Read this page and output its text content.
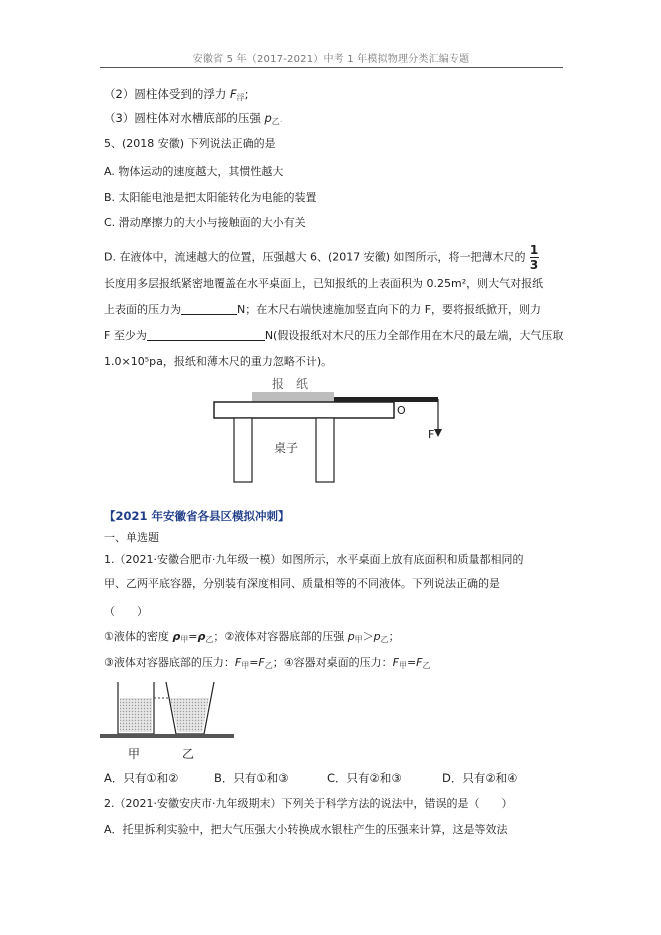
安徽省 5 年（2017-2021）中考 1 年模拟物理分类汇编专题
（2）圆柱体受到的浮力 $F_浮$;
（3）圆柱体对水槽底部的压强 $p_乙$.
5、(2018 安徽) 下列说法正确的是
A. 物体运动的速度越大，其惯性越大
B. 太阳能电池是把太阳能转化为电能的装置
C. 滑动摩擦力的大小与接触面的大小有关
D. 在液体中，流速越大的位置，压强越大 6、(2017 安徽) 如图所示，将一把薄木尺的 $\frac{1}{3}$
长度用多层报纸紧密地覆盖在水平桌面上，已知报纸的上表面积为 0.25m²，则大气对报纸
上表面的压力为	N；在木尺右端快速施加竖直向下的力 F，要将报纸掀开，则力
F 至少为	N(假设报纸对木尺的压力全部作用在木尺的最左端，大气压取
1.0×10⁵pa，报纸和薄木尺的重力忽略不计)。
报　纸
O
F
桌子
【2021 年安徽省各县区模拟冲刺】
一、单选题
1.（2021·安徽合肥市·九年级一模）如图所示，水平桌面上放有底面积和质量都相同的
甲、乙两平底容器，分别装有深度相同、质量相等的不同液体。下列说法正确的是
（　　）
①液体的密度 $\rho_甲=\rho_乙$；②液体对容器底部的压强 $p_甲>p_乙$；
③液体对容器底部的压力：$F_甲=F_乙$；④容器对桌面的压力：$F_甲=F_乙$
甲	乙
A．只有①和②	B．只有①和③	C．只有②和③	D．只有②和④
2.（2021·安徽安庆市·九年级期末）下列关于科学方法的说法中，错误的是（　　）
A．托里拆利实验中，把大气压强大小转换成水银柱产生的压强来计算，这是等效法
